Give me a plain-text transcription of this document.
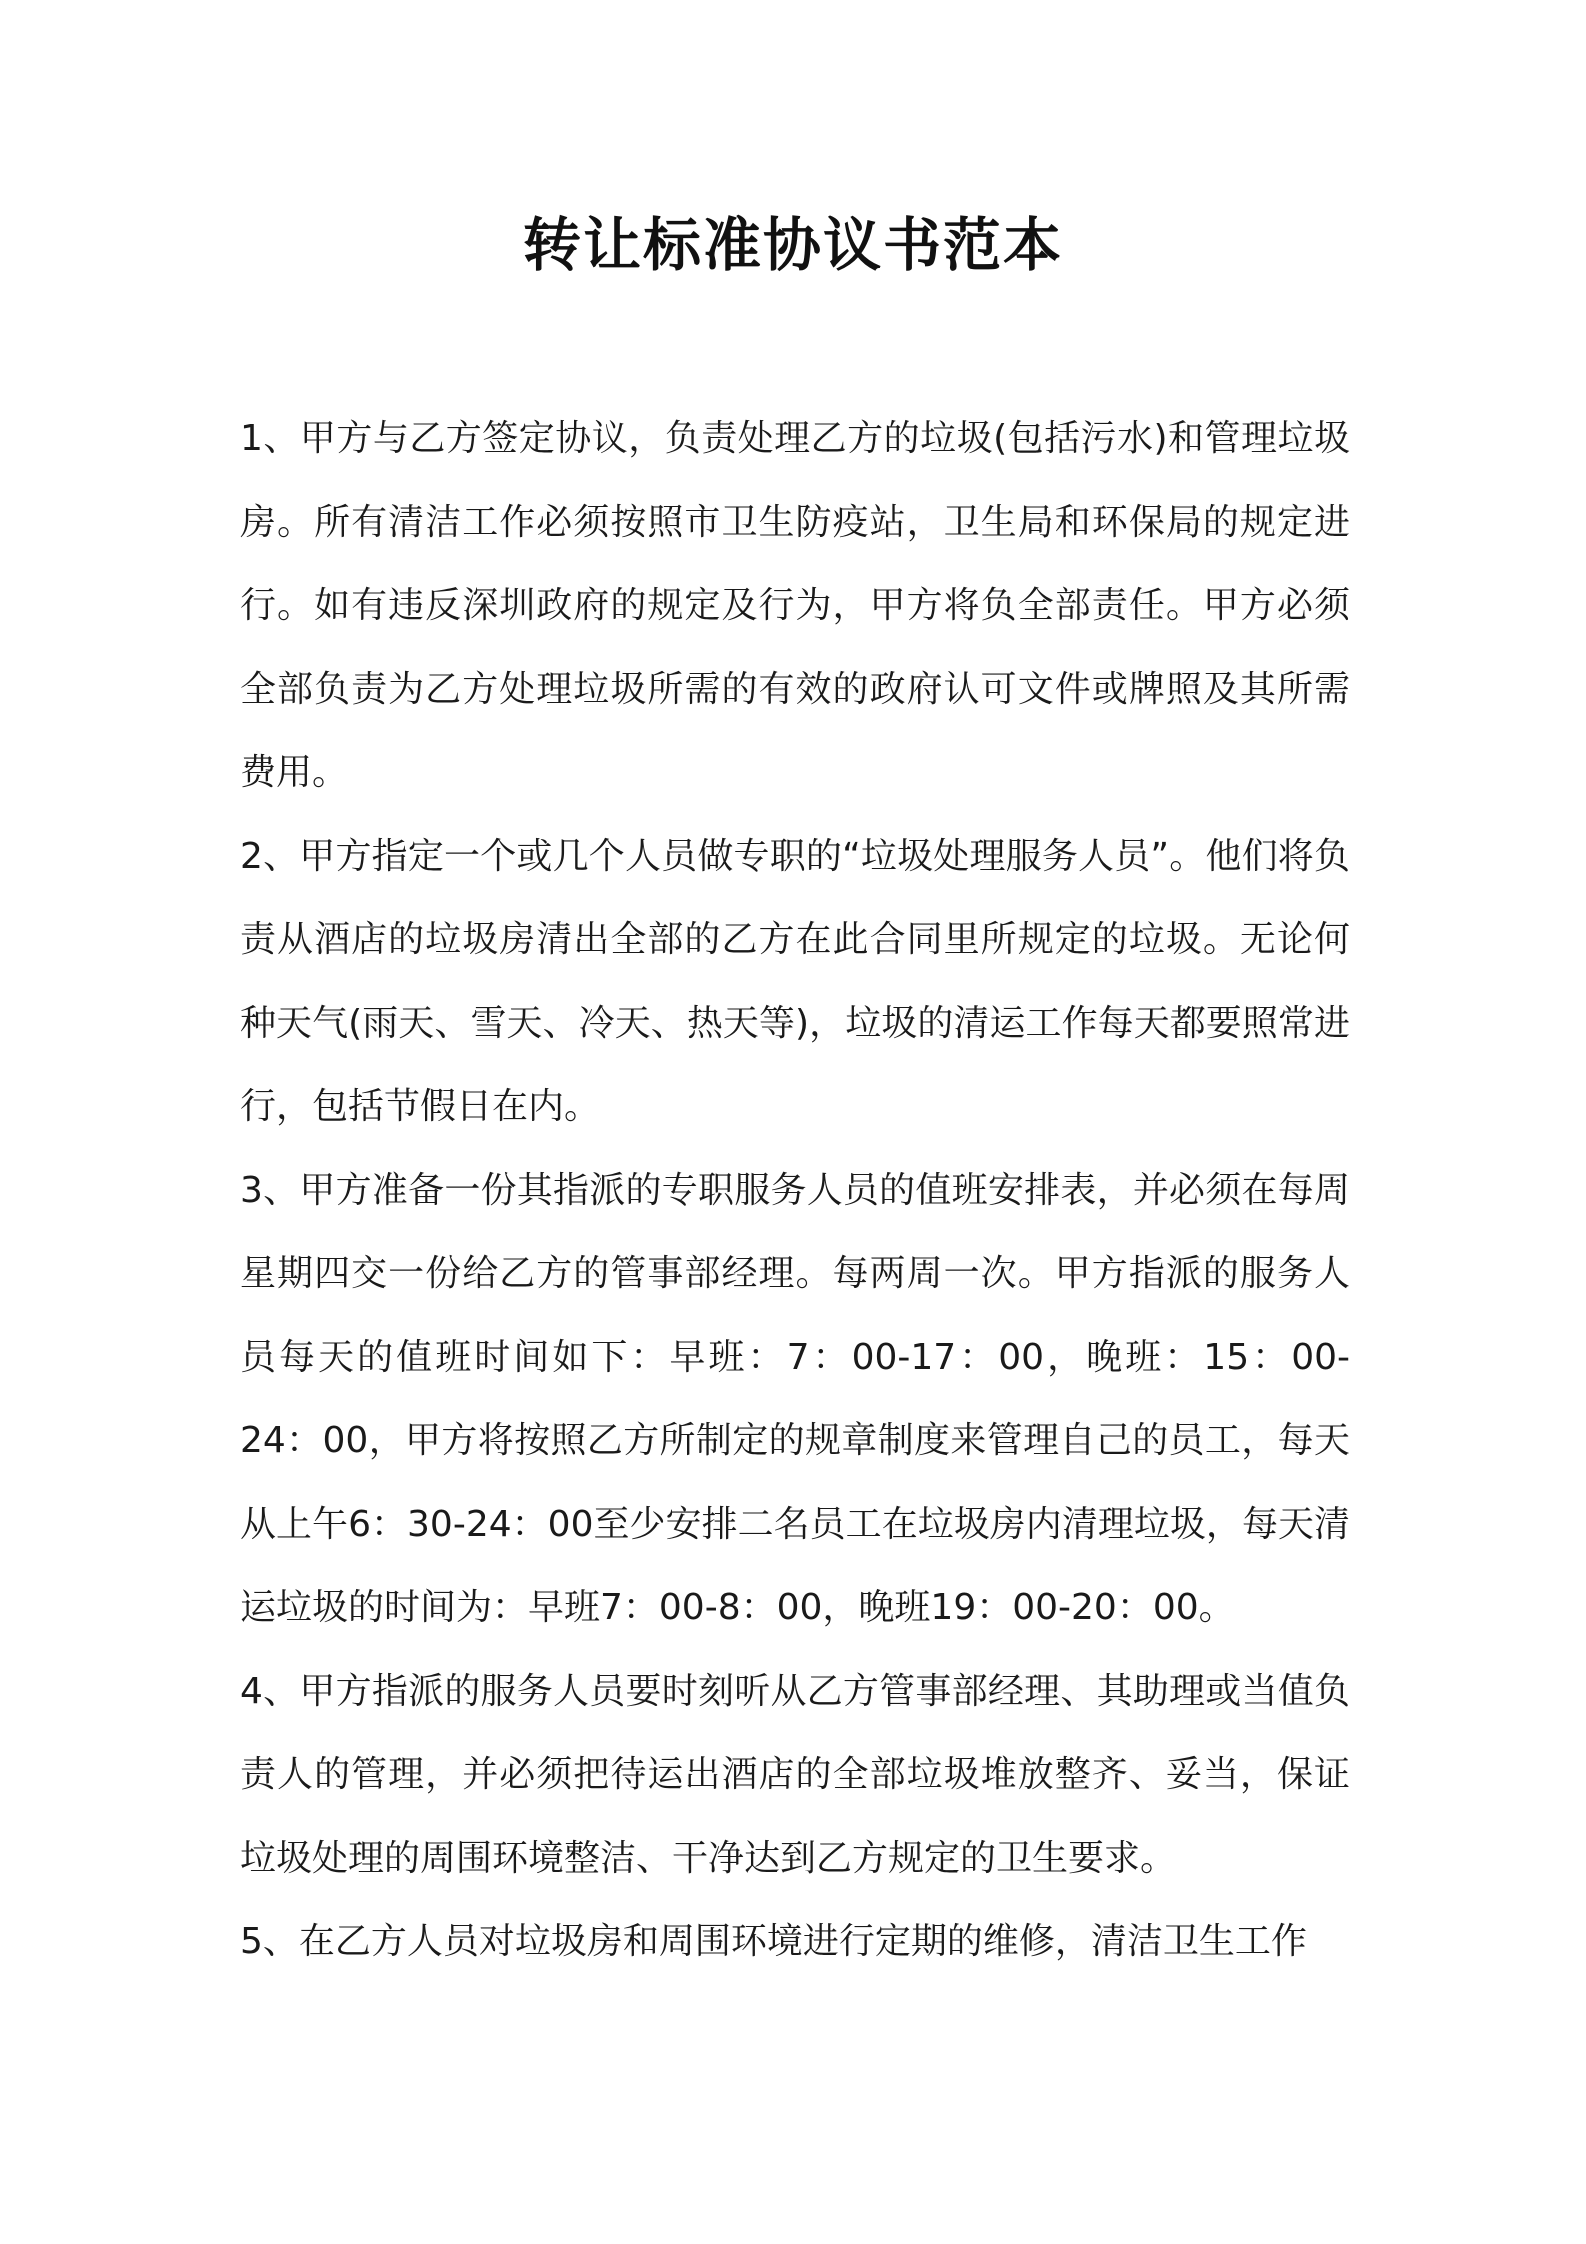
转让标准协议书范本

1、甲方与乙方签定协议，负责处理乙方的垃圾(包括污水)和管理垃圾房。所有清洁工作必须按照市卫生防疫站，卫生局和环保局的规定进行。如有违反深圳政府的规定及行为，甲方将负全部责任。甲方必须全部负责为乙方处理垃圾所需的有效的政府认可文件或牌照及其所需费用。

2、甲方指定一个或几个人员做专职的“垃圾处理服务人员”。他们将负责从酒店的垃圾房清出全部的乙方在此合同里所规定的垃圾。无论何种天气(雨天、雪天、冷天、热天等)，垃圾的清运工作每天都要照常进行，包括节假日在内。

3、甲方准备一份其指派的专职服务人员的值班安排表，并必须在每周星期四交一份给乙方的管事部经理。每两周一次。甲方指派的服务人员每天的值班时间如下：早班：7：00-17：00，晚班：15：00-24：00，甲方将按照乙方所制定的规章制度来管理自己的员工，每天从上午6：30-24：00至少安排二名员工在垃圾房内清理垃圾，每天清运垃圾的时间为：早班7：00-8：00，晚班19：00-20：00。

4、甲方指派的服务人员要时刻听从乙方管事部经理、其助理或当值负责人的管理，并必须把待运出酒店的全部垃圾堆放整齐、妥当，保证垃圾处理的周围环境整洁、干净达到乙方规定的卫生要求。

5、在乙方人员对垃圾房和周围环境进行定期的维修，清洁卫生工作
